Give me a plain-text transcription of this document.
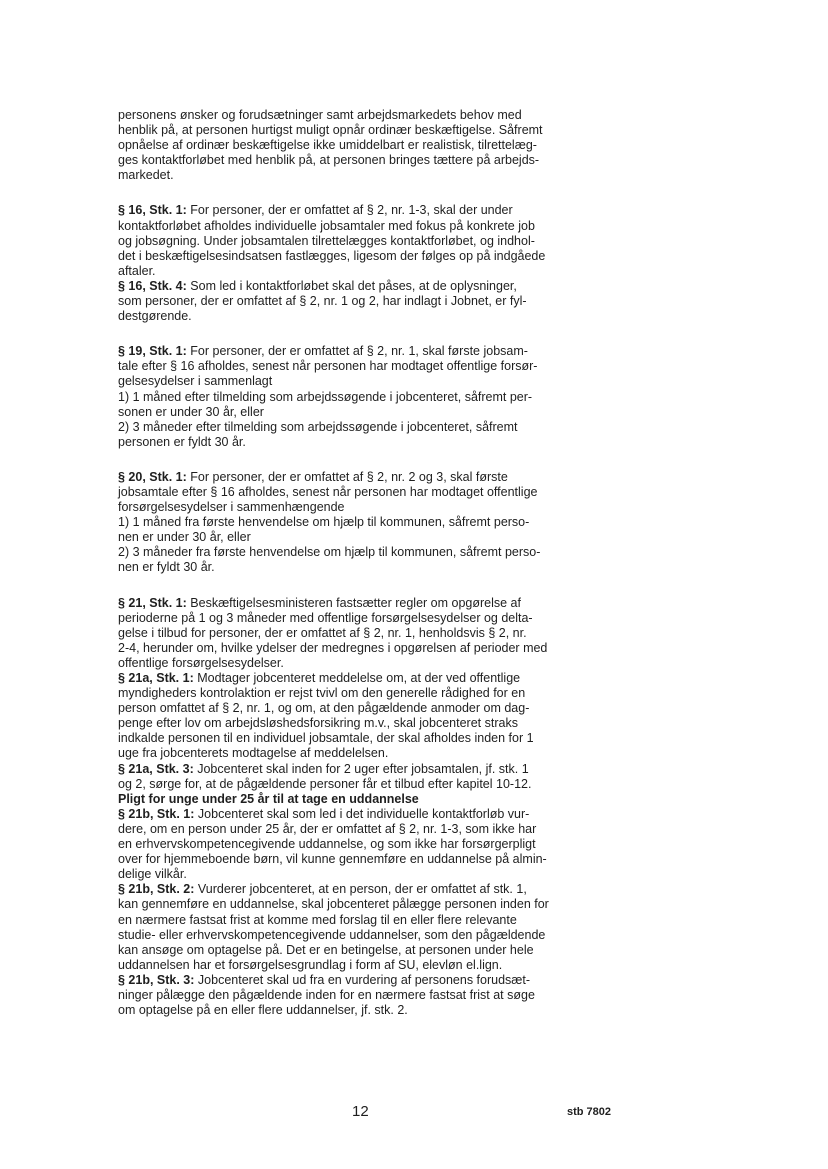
personens ønsker og forudsætninger samt arbejdsmarkedets behov med
henblik på, at personen hurtigst muligt opnår ordinær beskæftigelse. Såfremt
opnåelse af ordinær beskæftigelse ikke umiddelbart er realistisk, tilrettelæg-
ges kontaktforløbet med henblik på, at personen bringes tættere på arbejds-
markedet.
§ 16, Stk. 1: For personer, der er omfattet af § 2, nr. 1-3, skal der under
kontaktforløbet afholdes individuelle jobsamtaler med fokus på konkrete job
og jobsøgning. Under jobsamtalen tilrettelægges kontaktforløbet, og indhol-
det i beskæftigelsesindsatsen fastlægges, ligesom der følges op på indgåede
aftaler.
§ 16, Stk. 4: Som led i kontaktforløbet skal det påses, at de oplysninger,
som personer, der er omfattet af § 2, nr. 1 og 2, har indlagt i Jobnet, er fyl-
destgørende.
§ 19, Stk. 1: For personer, der er omfattet af § 2, nr. 1, skal første jobsam-
tale efter § 16 afholdes, senest når personen har modtaget offentlige forsør-
gelsesydelser i sammenlagt
1) 1 måned efter tilmelding som arbejdssøgende i jobcenteret, såfremt per-
sonen er under 30 år, eller
2) 3 måneder efter tilmelding som arbejdssøgende i jobcenteret, såfremt
personen er fyldt 30 år.
§ 20, Stk. 1: For personer, der er omfattet af § 2, nr. 2 og 3, skal første
jobsamtale efter § 16 afholdes, senest når personen har modtaget offentlige
forsørgelsesydelser i sammenhængende
1) 1 måned fra første henvendelse om hjælp til kommunen, såfremt perso-
nen er under 30 år, eller
2) 3 måneder fra første henvendelse om hjælp til kommunen, såfremt perso-
nen er fyldt 30 år.
§ 21, Stk. 1: Beskæftigelsesministeren fastsætter regler om opgørelse af
perioderne på 1 og 3 måneder med offentlige forsørgelsesydelser og delta-
gelse i tilbud for personer, der er omfattet af § 2, nr. 1, henholdsvis § 2, nr.
2-4, herunder om, hvilke ydelser der medregnes i opgørelsen af perioder med
offentlige forsørgelsesydelser.
§ 21a, Stk. 1: Modtager jobcenteret meddelelse om, at der ved offentlige
myndigheders kontrolaktion er rejst tvivl om den generelle rådighed for en
person omfattet af § 2, nr. 1, og om, at den pågældende anmoder om dag-
penge efter lov om arbejdsløshedsforsikring m.v., skal jobcenteret straks
indkalde personen til en individuel jobsamtale, der skal afholdes inden for 1
uge fra jobcenterets modtagelse af meddelelsen.
§ 21a, Stk. 3: Jobcenteret skal inden for 2 uger efter jobsamtalen, jf. stk. 1
og 2, sørge for, at de pågældende personer får et tilbud efter kapitel 10-12.
Pligt for unge under 25 år til at tage en uddannelse
§ 21b, Stk. 1: Jobcenteret skal som led i det individuelle kontaktforløb vur-
dere, om en person under 25 år, der er omfattet af § 2, nr. 1-3, som ikke har
en erhvervskompetencegivende uddannelse, og som ikke har forsørgerpligt
over for hjemmeboende børn, vil kunne gennemføre en uddannelse på almin-
delige vilkår.
§ 21b, Stk. 2: Vurderer jobcenteret, at en person, der er omfattet af stk. 1,
kan gennemføre en uddannelse, skal jobcenteret pålægge personen inden for
en nærmere fastsat frist at komme med forslag til en eller flere relevante
studie- eller erhvervskompetencegivende uddannelser, som den pågældende
kan ansøge om optagelse på. Det er en betingelse, at personen under hele
uddannelsen har et forsørgelsesgrundlag i form af SU, elevløn el.lign.
§ 21b, Stk. 3: Jobcenteret skal ud fra en vurdering af personens forudsæt-
ninger pålægge den pågældende inden for en nærmere fastsat frist at søge
om optagelse på en eller flere uddannelser, jf. stk. 2.
12	stb 7802
